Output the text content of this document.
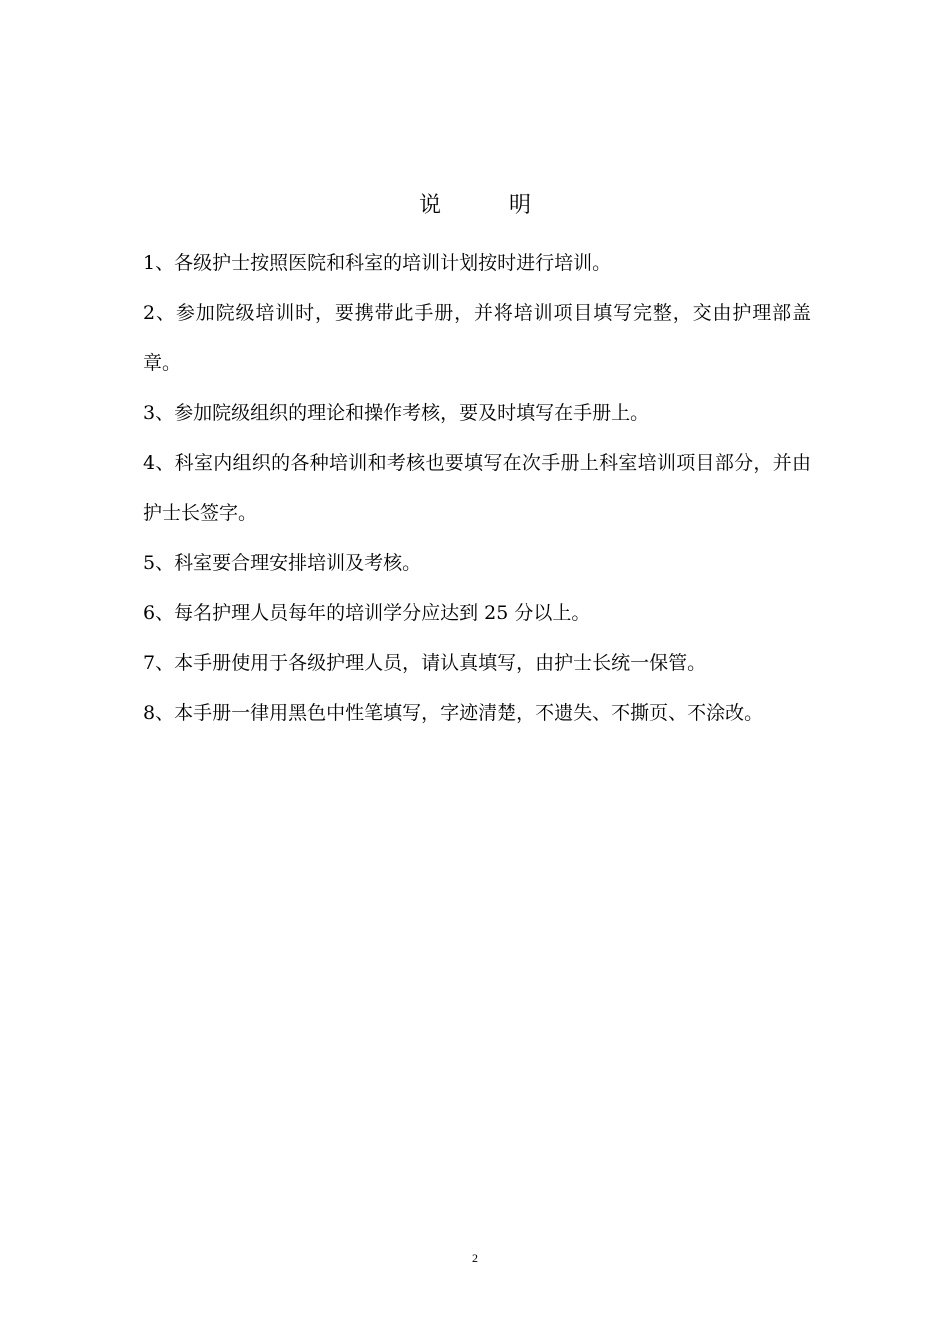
说	明

1、各级护士按照医院和科室的培训计划按时进行培训。

2、参加院级培训时，要携带此手册，并将培训项目填写完整，交由护理部盖章。

3、参加院级组织的理论和操作考核，要及时填写在手册上。

4、科室内组织的各种培训和考核也要填写在次手册上科室培训项目部分，并由护士长签字。

5、科室要合理安排培训及考核。

6、每名护理人员每年的培训学分应达到 25 分以上。

7、本手册使用于各级护理人员，请认真填写，由护士长统一保管。

8、本手册一律用黑色中性笔填写，字迹清楚，不遗失、不撕页、不涂改。

2
